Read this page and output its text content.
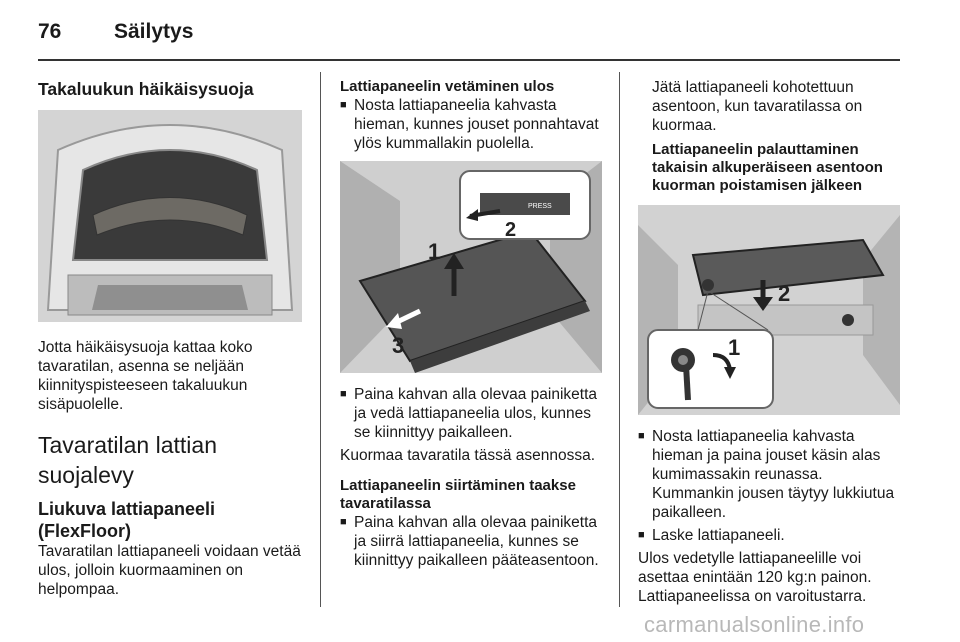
76	Säilytys
Takaluukun häikäisysuoja

Jotta häikäisysuoja kattaa koko tavaratilan, asenna se neljään kiinnityspisteeseen takaluukun sisäpuolelle.

Tavaratilan lattian suojalevy
Liukuva lattiapaneeli (FlexFloor)

Tavaratilan lattiapaneeli voidaan vetää ulos, jolloin kuormaaminen on helpompaa.

Lattiapaneelin vetäminen ulos

■ Nosta lattiapaneelia kahvasta hieman, kunnes jouset ponnahtavat ylös kummallakin puolella.
PRESS
2
1
3
■ Paina kahvan alla olevaa painiketta ja vedä lattiapaneelia ulos, kunnes se kiinnittyy paikalleen.

Kuormaa tavaratila tässä asennossa.

Lattiapaneelin siirtäminen taakse tavaratilassa

■ Paina kahvan alla olevaa painiketta ja siirrä lattiapaneelia, kunnes se kiinnittyy paikalleen pääteasentoon.

Jätä lattiapaneeli kohotettuun asentoon, kun tavaratilassa on kuormaa.

Lattiapaneelin palauttaminen takaisin alkuperäiseen asentoon kuorman poistamisen jälkeen

2
1
■ Nosta lattiapaneelia kahvasta hieman ja paina jouset käsin alas kumimassakin reunassa. Kummankin jousen täytyy lukkiutua paikalleen.
■ Laske lattiapaneeli.

Ulos vedetylle lattiapaneelille voi asettaa enintään 120 kg:n painon. Lattiapaneelissa on varoitustarra.

carmanualsonline.info
